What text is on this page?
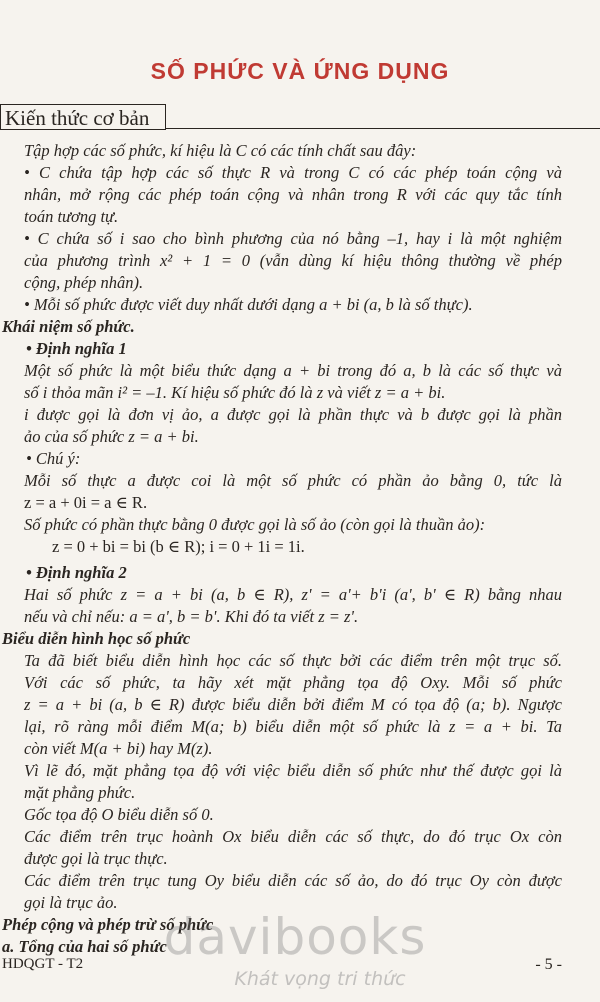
SỐ PHỨC VÀ ỨNG DỤNG
Kiến thức cơ bản
Tập hợp các số phức, kí hiệu là C có các tính chất sau đây:
• C chứa tập hợp các số thực R và trong C có các phép toán cộng và
nhân, mở rộng các phép toán cộng và nhân trong R với các quy tắc tính
toán tương tự.
• C chứa số i sao cho bình phương của nó bằng –1, hay i là một nghiệm
của phương trình x² + 1 = 0 (vẫn dùng kí hiệu thông thường về phép
cộng, phép nhân).
• Mỗi số phức được viết duy nhất dưới dạng a + bi (a, b là số thực).
Khái niệm số phức.
• Định nghĩa 1
Một số phức là một biểu thức dạng a + bi trong đó a, b là các số thực và
số i thỏa mãn i² = –1. Kí hiệu số phức đó là z và viết z = a + bi.
i được gọi là đơn vị ảo, a được gọi là phần thực và b được gọi là phần
ảo của số phức z = a + bi.
• Chú ý:
Mỗi số thực a được coi là một số phức có phần ảo bằng 0, tức là
z = a + 0i = a ∈ R.
Số phức có phần thực bằng 0 được gọi là số ảo (còn gọi là thuần ảo):
z = 0 + bi = bi (b ∈ R); i = 0 + 1i = 1i.
• Định nghĩa 2
Hai số phức z = a + bi (a, b ∈ R), z' = a'+ b'i (a', b' ∈ R) bằng nhau
nếu và chỉ nếu: a = a', b = b'. Khi đó ta viết z = z'.
Biểu diễn hình học số phức
Ta đã biết biểu diễn hình học các số thực bởi các điểm trên một trục số.
Với các số phức, ta hãy xét mặt phẳng tọa độ Oxy. Mỗi số phức
z = a + bi (a, b ∈ R) được biểu diễn bởi điểm M có tọa độ (a; b). Ngược
lại, rõ ràng mỗi điểm M(a; b) biểu diễn một số phức là z = a + bi. Ta
còn viết M(a + bi) hay M(z).
Vì lẽ đó, mặt phẳng tọa độ với việc biểu diễn số phức như thế được gọi là
mặt phẳng phức.
Gốc tọa độ O biểu diễn số 0.
Các điểm trên trục hoành Ox biểu diễn các số thực, do đó trục Ox còn
được gọi là trục thực.
Các điểm trên trục tung Oy biểu diễn các số ảo, do đó trục Oy còn được
gọi là trục ảo.
Phép cộng và phép trừ số phức
a. Tổng của hai số phức
HDQGT - T2	- 5 -
davibooks
Khát vọng tri thức
